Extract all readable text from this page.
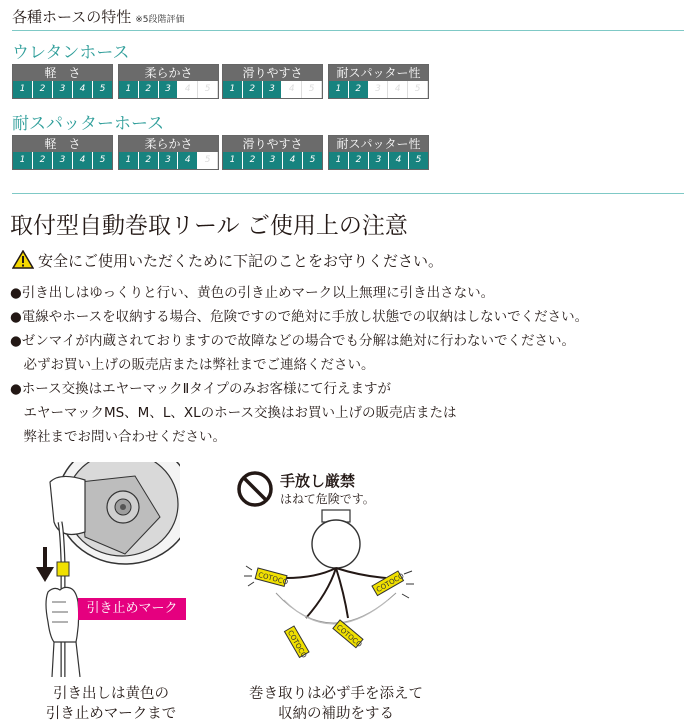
各種ホースの特性 ※5段階評価
ウレタンホース
軽　さ
1	2	3	4	5
柔らかさ
1	2	3	4	5
滑りやすさ
1	2	3	4	5
耐スパッター性
1	2	3	4	5
耐スパッターホース
軽　さ
1	2	3	4	5
柔らかさ
1	2	3	4	5
滑りやすさ
1	2	3	4	5
耐スパッター性
1	2	3	4	5
取付型自動巻取リール ご使用上の注意
安全にご使用いただくために下記のことをお守りください。
●引き出しはゆっくりと行い、黄色の引き止めマーク以上無理に引き出さない。
●電線やホースを収納する場合、危険ですので絶対に手放し状態での収納はしないでください。
●ゼンマイが内蔵されておりますので故障などの場合でも分解は絶対に行わないでください。
　必ずお買い上げの販売店または弊社までご連絡ください。
●ホース交換はエヤーマックⅡタイプのみお客様にて行えますが
　エヤーマックMS、M、L、XLのホース交換はお買い上げの販売店または
　弊社までお問い合わせください。
引き止めマーク
引き出しは黄色の
引き止めマークまで
手放し厳禁
はねて危険です。
COTOCO	COTOCO
COTOCO	COTOCO
巻き取りは必ず手を添えて
収納の補助をする
